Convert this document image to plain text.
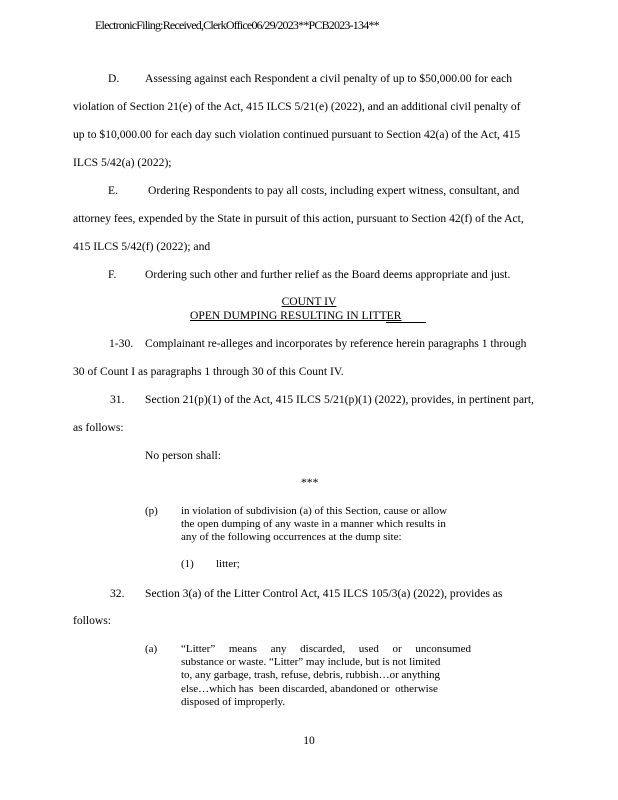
ElectronicFiling:Received,ClerkOffice06/29/2023**PCB2023-134**
D. Assessing against each Respondent a civil penalty of up to $50,000.00 for each
violation of Section 21(e) of the Act, 415 ILCS 5/21(e) (2022), and an additional civil penalty of
up to $10,000.00 for each day such violation continued pursuant to Section 42(a) of the Act, 415
ILCS 5/42(a) (2022);
E.	Ordering Respondents to pay all costs, including expert witness, consultant, and
attorney fees, expended by the State in pursuit of this action, pursuant to Section 42(f) of the Act,
415 ILCS 5/42(f) (2022); and
F. Ordering such other and further relief as the Board deems appropriate and just.
COUNT IV
OPEN DUMPING RESULTING IN LITTER
1-30. Complainant re-alleges and incorporates by reference herein paragraphs 1 through
30 of Count I as paragraphs 1 through 30 of this Count IV.
31. Section 21(p)(1) of the Act, 415 ILCS 5/21(p)(1) (2022), provides, in pertinent part,
as follows:
No person shall:
***
(p) in violation of subdivision (a) of this Section, cause or allow
the open dumping of any waste in a manner which results in
any of the following occurrences at the dump site:
(1) litter;
32. Section 3(a) of the Litter Control Act, 415 ILCS 105/3(a) (2022), provides as
follows:
(a) “Litter” means any discarded, used or unconsumed
substance or waste. “Litter” may include, but is not limited
to, any garbage, trash, refuse, debris, rubbish…or anything
else…which has  been discarded, abandoned or  otherwise
disposed of improperly.
10
